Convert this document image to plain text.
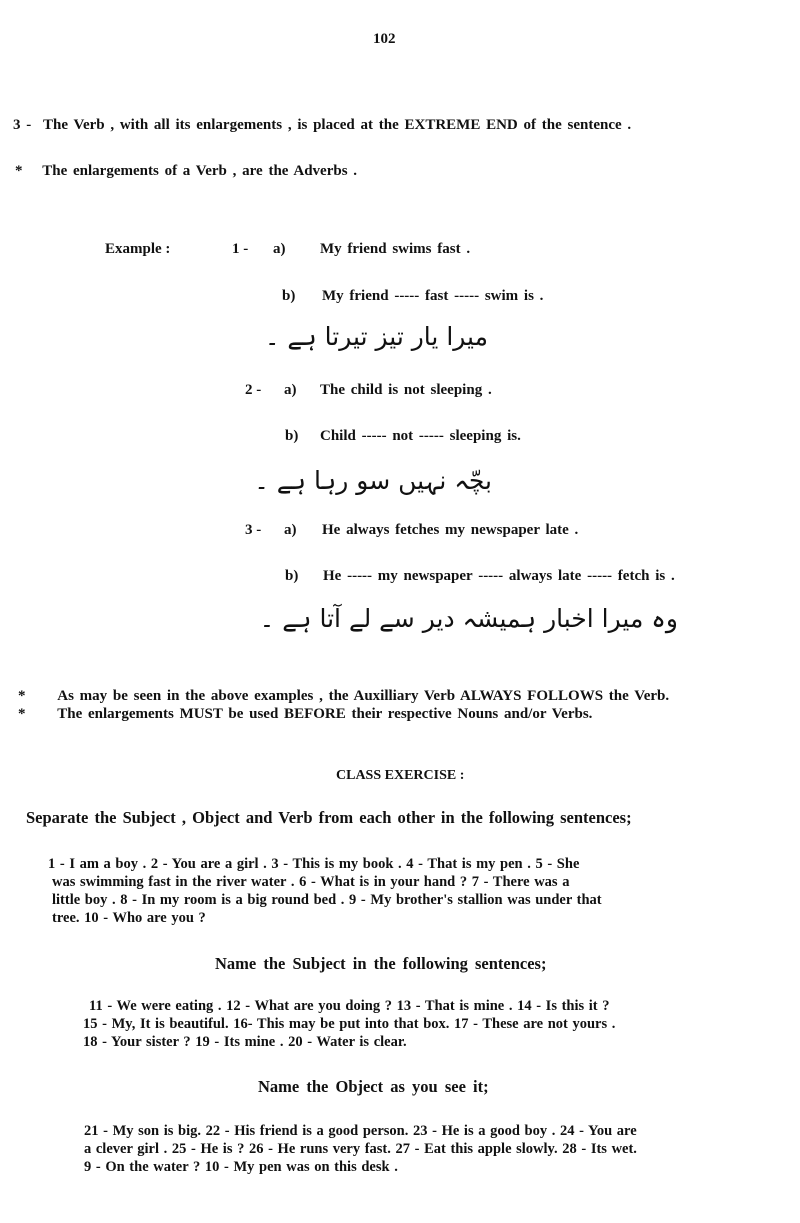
102
3 - The Verb , with all its enlargements , is placed at the EXTREME END of the sentence .
* The enlargements of a Verb , are the Adverbs .
Example :	1 - a) My friend swims fast .
b) My friend ----- fast ----- swim is .
میرا یار تیز تیرتا ہے ۔
2 - a) The child is not sleeping .
b) Child ----- not ----- sleeping is.
بچّہ نہیں سو رہا ہے ۔
3 - a) He always fetches my newspaper late .
b) He ----- my newspaper ----- always late ----- fetch is .
وہ میرا اخبار ہمیشہ دیر سے لے آتا ہے ۔
* As may be seen in the above examples , the Auxilliary Verb ALWAYS FOLLOWS the Verb.
* The enlargements MUST be used BEFORE their respective Nouns and/or Verbs.
CLASS EXERCISE :
Separate the Subject , Object and Verb from each other in the following sentences;
1 - I am a boy . 2 - You are a girl . 3 - This is my book . 4 - That is my pen . 5 - She
was swimming fast in the river water . 6 - What is in your hand ? 7 - There was a
little boy . 8 - In my room is a big round bed . 9 - My brother's stallion was under that
tree. 10 - Who are you ?
Name the Subject in the following sentences;
11 - We were eating . 12 - What are you doing ? 13 - That is mine . 14 - Is this it ?
15 - My, It is beautiful. 16- This may be put into that box. 17 - These are not yours .
18 - Your sister ? 19 - Its mine . 20 - Water is clear.
Name the Object as you see it;
21 - My son is big. 22 - His friend is a good person. 23 - He is a good boy . 24 - You are
a clever girl . 25 - He is ? 26 - He runs very fast. 27 - Eat this apple slowly. 28 - Its wet.
9 - On the water ? 10 - My pen was on this desk .
